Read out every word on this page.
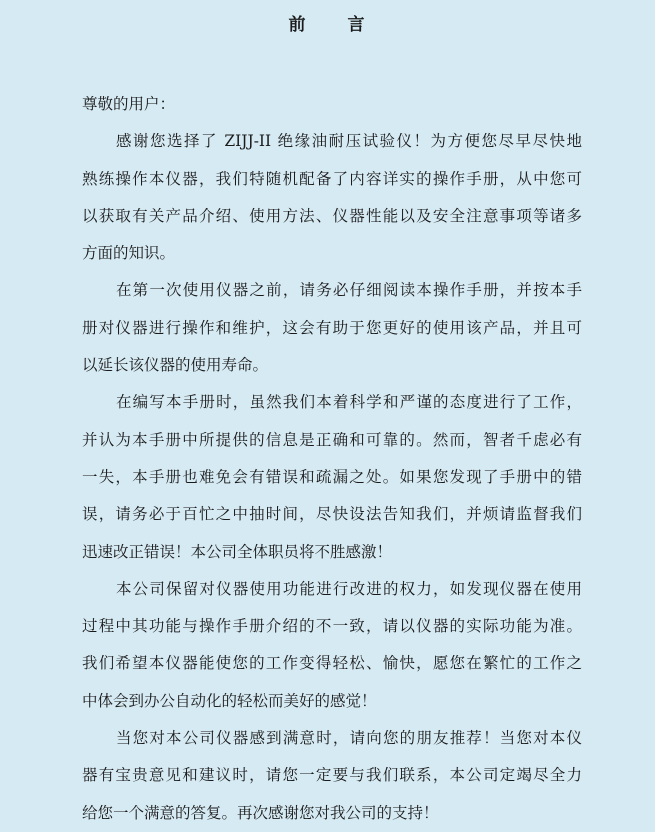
前 言
尊敬的用户：
感谢您选择了 ZIJJ-II 绝缘油耐压试验仪！为方便您尽早尽快地
熟练操作本仪器，我们特随机配备了内容详实的操作手册，从中您可
以获取有关产品介绍、使用方法、仪器性能以及安全注意事项等诸多
方面的知识。
在第一次使用仪器之前，请务必仔细阅读本操作手册，并按本手
册对仪器进行操作和维护，这会有助于您更好的使用该产品，并且可
以延长该仪器的使用寿命。
在编写本手册时，虽然我们本着科学和严谨的态度进行了工作，
并认为本手册中所提供的信息是正确和可靠的。然而，智者千虑必有
一失，本手册也难免会有错误和疏漏之处。如果您发现了手册中的错
误，请务必于百忙之中抽时间，尽快设法告知我们，并烦请监督我们
迅速改正错误！本公司全体职员将不胜感激！
本公司保留对仪器使用功能进行改进的权力，如发现仪器在使用
过程中其功能与操作手册介绍的不一致，请以仪器的实际功能为准。
我们希望本仪器能使您的工作变得轻松、愉快，愿您在繁忙的工作之
中体会到办公自动化的轻松而美好的感觉！
当您对本公司仪器感到满意时，请向您的朋友推荐！当您对本仪
器有宝贵意见和建议时，请您一定要与我们联系，本公司定竭尽全力
给您一个满意的答复。再次感谢您对我公司的支持！
